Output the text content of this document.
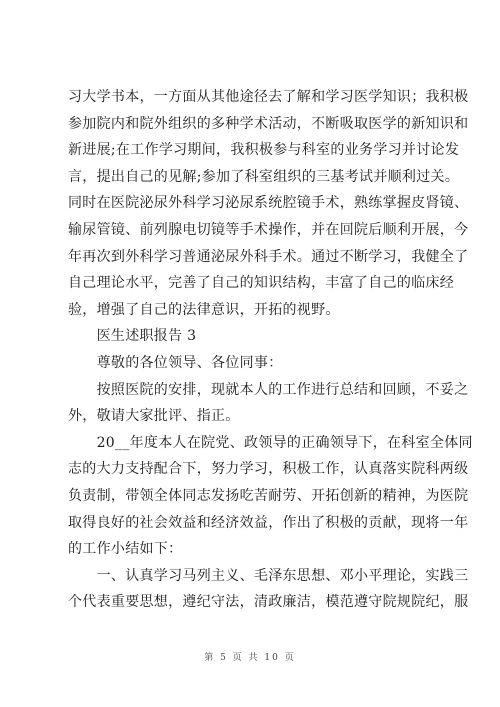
习大学书本，一方面从其他途径去了解和学习医学知识；我积极
参加院内和院外组织的多种学术活动，不断吸取医学的新知识和
新进展;在工作学习期间，我积极参与科室的业务学习并讨论发
言，提出自己的见解;参加了科室组织的三基考试并顺利过关。
同时在医院泌尿外科学习泌尿系统腔镜手术，熟练掌握皮肾镜、
输尿管镜、前列腺电切镜等手术操作，并在回院后顺利开展，今
年再次到外科学习普通泌尿外科手术。通过不断学习，我健全了
自己理论水平，完善了自己的知识结构，丰富了自己的临床经
验，增强了自己的法律意识，开拓的视野。
　　医生述职报告 3
　　尊敬的各位领导、各位同事：
　　按照医院的安排，现就本人的工作进行总结和回顾，不妥之
外，敬请大家批评、指正。
　　20__年度本人在院党、政领导的正确领导下，在科室全体同
志的大力支持配合下，努力学习，积极工作，认真落实院科两级
负责制，带领全体同志发扬吃苦耐劳、开拓创新的精神，为医院
取得良好的社会效益和经济效益，作出了积极的贡献，现将一年
的工作小结如下：
　　一、认真学习马列主义、毛泽东思想、邓小平理论，实践三
个代表重要思想，遵纪守法，清政廉洁，模范遵守院规院纪，服
第 5 页 共 10 页
